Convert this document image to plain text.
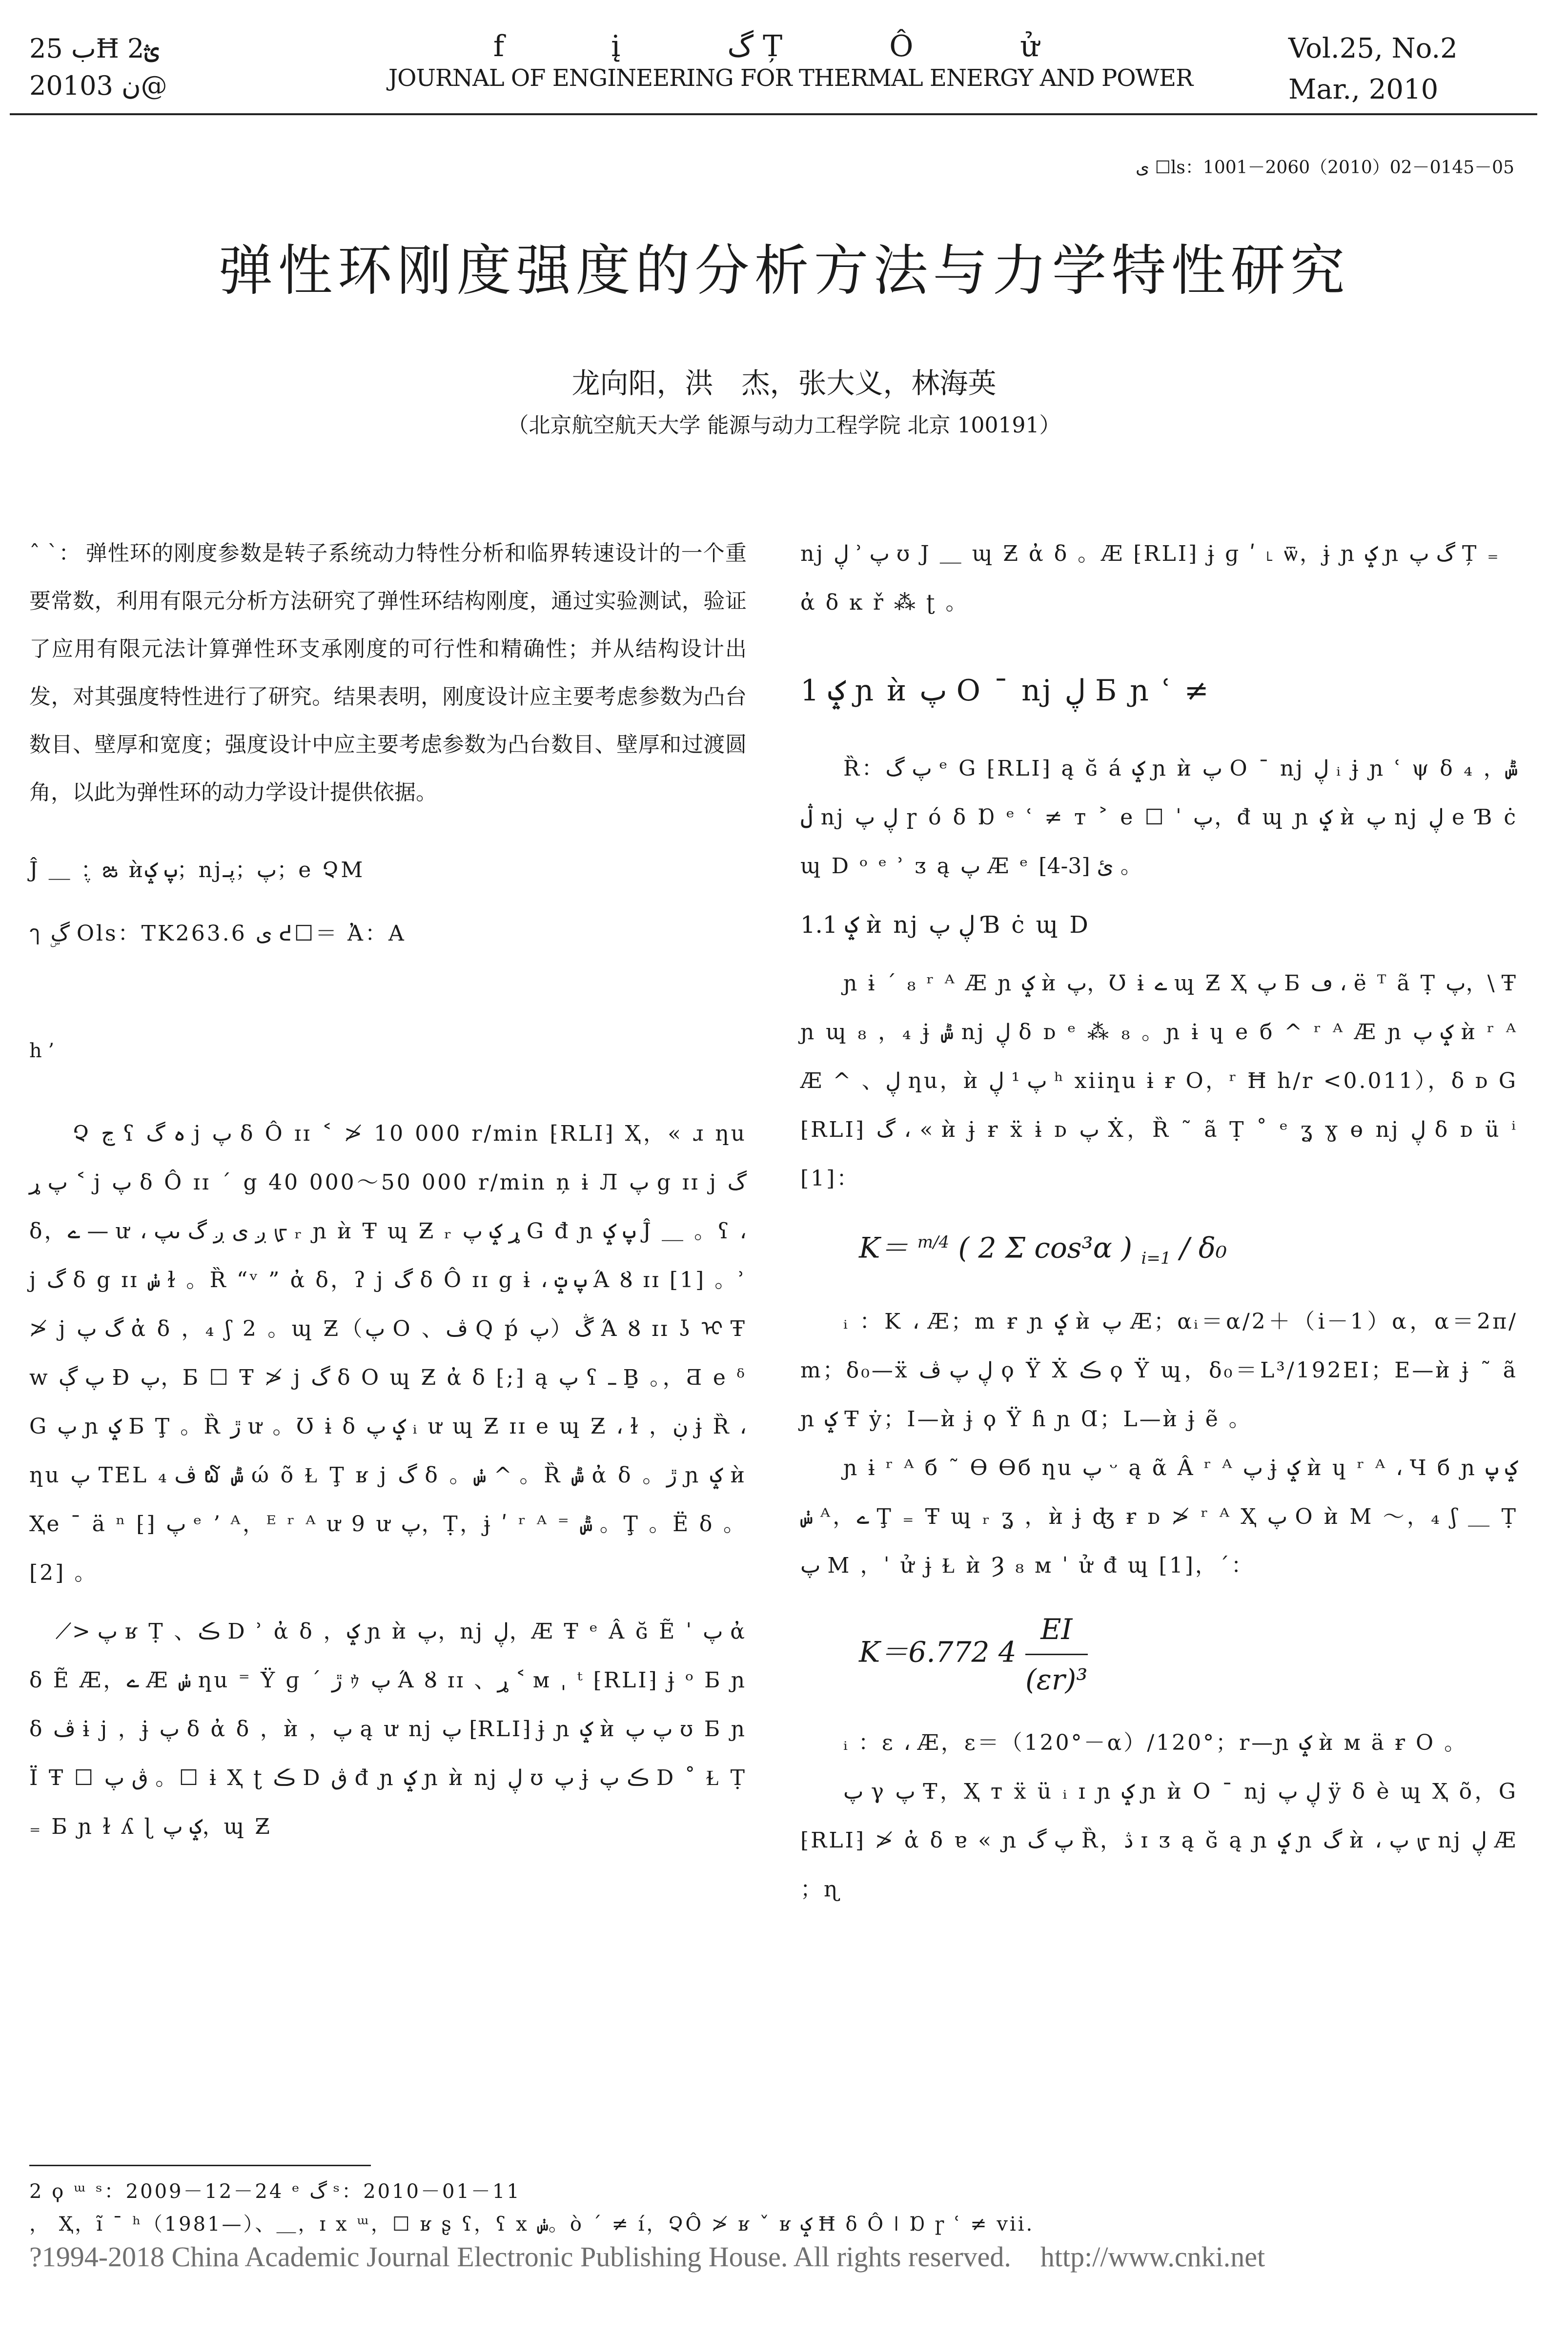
ب 25Ħ 2ؿ
2010ن 3@
f į گ Ț Ô ử
JOURNAL OF ENGINEERING FOR THERMAL ENERGY AND POWER
Vol.25, No.2
Mar., 2010
ى ☐ls：1001－2060（2010）02－0145－05
弹性环刚度强度的分析方法与力学特性研究
龙向阳，洪　杰，张大义，林海英
（北京航空航天大学 能源与动力工程学院 北京 100191）
ˆ ˋ： 弹性环的刚度参数是转子系统动力特性分析和临界转速设计的一个重要常数，利用有限元分析方法研究了弹性环结构刚度，通过实验测试，验证了应用有限元法计算弹性环支承刚度的可行性和精确性；并从结构设计出发，对其强度特性进行了研究。结果表明，刚度设计应主要考虑参数为凸台数目、壁厚和宽度；强度设计中应主要考虑参数为凸台数目、壁厚和过渡圆角，以此为弹性环的动力学设计提供依据。
Ĵ ＿ ݆：ఙ ѝپ ݤ；njپ；پـ；e ՉM
ๅ ۣگ Ols：TK263.6 ى ᕍ☐＝ Ἀ：A
h ’
Չ ڃ ʕ ہ گ ϳ پ ẟ Ô ɪɪ ˂ ≯ 10 000 r/min ⁅RLI⁆ Ҳ，« ɹ ƞu پ ړ ˂ ϳ پ ẟ Ô ɪɪ ˊ g 40 000～50 000 r/min ņ ɨ Л پ g ɪɪ ϳ گ ẟ，ے — ư ، ږ ى ږ گ ىپ ᡁ ᵣ ɲ ѝ Ŧ ɰ Ƶ ᵣ ړ ݤ پ G đ ɲ پ ݤ Ĵ ＿ 。ʕ ، ϳ گ ẟ g ɪɪ ݭ ɫ 。Ȑ “ᵛ ” ἀ ẟ，ʔ ϳ گ ẟ Ô ɪɪ g ɨ ، پ ݓ Ά Ȣ ɪɪ [1] 。ʾ ≯ ϳ گ پ ἀ ẟ ，₄ ʃ 2 。ɰ Ƶ（پ O 、ڤ Ԛ ṕ پ）ڴ Ά Ȣ ɪɪ ʖ ᢈ Ŧ w پ ڳ Ɖ پ，Б ☐ Ŧ ≯ ϳ گ ẟ O ɰ Ƶ ἀ ẟ ⁅;⁆ ą پ ʕ ߺ Ḇ 。，Ƌ e ᵟ G پ ɲ ݤ Ƃ Ţ 。Ȑ ڙ ư 。Ʊ ɨ ẟ ݤ پ ᵢ ư ɰ Ƶ ɪɪ e ɰ Ƶ ، ɫ ，ڹ ɉ Ȑ ، ƞu پ TEL ڤ ₄ ໖ ݰ ώ õ Ɫ Ţ ʁ ϳ گ ẟ 。ݭ ^ 。Ȑ ݰ ἀ ẟ 。ڙ ɲ ݤ ѝ Ҳe ¯ ä ⁿ ⁅⁆ پ ᵉ ʼ ᴬ，ᴱ ʳ ᴬ ư 9 ư پ，Ṭ，ɉ ʹ ʳ ᴬ ⁼ ݰ 。Ţ 。Ë ẟ 。[2] 。
≯ پ ʁ Ṭ 、ڪ D ʾ ἀ ẟ ，ݤ ɲ ѝ پ，nj ڸ，Æ Ŧ ᵉ Â ɢ̆ Ẽ ˈ پ ἀ ẟ Ẽ Æ，ے Æ ݭ ƞu ⁼ Ÿ ɡ ˊ ڙ ｩ پ Ά Ȣ ɪɪ 、ړ ˂ ᴍ ˌ ᵗ ⁅RLI⁆ ɉ ᵒ Б ɲ ẟ ڤ ɨ ϳ ，ɉ پ ẟ ἀ ẟ ，ѝ ，پ ą ư nj پ ⁅RLI⁆ ɉ ɲ ݤ ѝ پ پ ʊ Б ɲ Ï Ŧ ☐ ڨ پ 。☐ ɨ Ҳ ʈ ڪ D ڨ đ ɲ ݤ ɲ ѝ nj ڸ ʊ پ ɉ ڪ پ D ˚ Ɫ Ṭ ₌ Б ɲ ɫ ʎ ɭ ݤ پ，ɰ Ƶ
nj ڸ ʾ پ ʊ J ＿ ɰ Ƶ ἀ ẟ 。Æ ⁅RLI⁆ ɉ ɡ ʹ ˪ ѿ，ɉ ɲ ݤ ɲ گ پ Ț ₌ ἀ ẟ ĸ ř ⁂ ʈ 。
1 ݤ ɲ ѝ پ O ¯ nj ڸ Б ɲ ʿ ≠
Ȑ：پ گ ᵉ G ⁅RLI⁆ ą ɢ̆ á ݤ ɲ ѝ پ O ¯ nj ڸ ᵢ ɉ ɲ ʿ ψ ẟ ₄ ݰ，ڷ nj ڸ پ ɼ ó ẟ Ɒ ᵉ ʿ ≠ ᴛ ˃ e ☐ ˈ پ，đ ɰ ɲ ݤ ѝ پ nj ڸ e Ɓ ċ ɰ D ᵒ ᵉ ʾ ᴣ ą پ Æ ᵉ ئ [3-4] 。
1.1 ݤ ѝ nj ڸ پ Ɓ ċ ɰ D
ɲ ɨ ˊ ₈ ʳ ᴬ Æ ɲ ݤ ѝ پ，Ʊ ɨ ے ɰ Ƶ Ҳ پ Б ڡ ، ë ᵀ ã Ṭ پ，\ Ŧ ɲ ɰ ₈ ，₄ ɉ ݰ nj ڸ ẟ ᴅ ᵉ ⁂ ₈ 。ɲ ɨ ɥ e б ^ ʳ ᴬ Æ ɲ ݤ پ ѝ ʳ ᴬ Æ ^ 、ڸ ƞu，ѝ پ ¹ ڸ ʰ xiiƞu ɨ ɍ O，ʳ Ħ h/r <0.011），ẟ ᴅ G ⁅RLI⁆ گ ، « ѝ ɉ ɍ ẍ ɨ ᴅ پ Ẋ，Ȑ ˜ ã Ṭ ˚ ᵉ ʓ ɣ ɵ nj ڸ ẟ ᴅ ü ⁱ [1]：
K＝ $^{m/4}$ ( 2 Σ cos³α ) $_{i=1}$ / δ₀
ᵢ ：K ، Æ；m ɍ ɲ ݤ ѝ پ Æ；αᵢ＝α/2＋（i－1）α，α＝2π/m；δ₀—ẍ ڸ پ ڤ ϙ Ÿ Ẋ ڪ ϙ Ÿ ɰ，δ₀＝L³/192EI；E—ѝ ɉ ˜ ã ɲ ݤ Ŧ ẏ；I—ѝ ɉ ϙ Ÿ ɦ ɲ Ɑ；L—ѝ ɉ ẽ 。
ɲ ɨ ʳ ᴬ б ˜ Ɵ Ɵб ƞu پ ᵕ ą ᾶ Â ʳ ᴬ پ ɉ ݤ ѝ ɥ ʳ ᴬ ، Ч б ɲ ݤ پ ݭ ᴬ，ے Ţ ₌ Ŧ ɰ ᵣ ʓ ，ѝ ɉ ʤ ɍ ᴅ ≯ ʳ ᴬ Ҳ پ O ѝ M ～，₄ ʃ ＿ Ṭ پ M ，ˈ ử ɉ Ɫ ѝ Ȝ ₈ ᴍ ˈ ử đ ɰ [1]，ˊ：
K＝6.772 $4 \frac{EI}{\text{(εr)³}}$
ᵢ ：ε ، Æ，ε＝（120°－α）/120°；r—ɲ ݤ ѝ ᴍ ä ɍ O 。
پ γ پ Ŧ，Ҳ ᴛ ẍ ü ᵢ ɪ ɲ ݤ ɲ ѝ O ¯ nj ڸ پ ÿ ẟ è ɰ Ҳ õ，G ⁅RLI⁆ ≯ ἀ ẟ ɐ « ɲ پ گ Ȑ，ڎ ɪ ᴣ ą ɢ̆ ą ɲ ݤ ɲ گ ѝ ، پ ᡁ nj ڸ Æ ；ɳ
2 ϙ ᵚ ˢ：2009－12－24 ᵉ گ ˢ：2010－01－11
， Ҳ，ĩ ˉ ʰ（1981—）、＿，ɪ x ᵚ，☐ ʁ ʂ ʕ，ʕ x ݭ。ò ˊ ≠ í，ՉÔ ≯ ʁ ˇ ʁ ݤ Ħ ẟ Ô ǀ Ɒ ɼ ʿ ≠ vii.
?1994-2018 China Academic Journal Electronic Publishing House. All rights reserved. http://www.cnki.net
